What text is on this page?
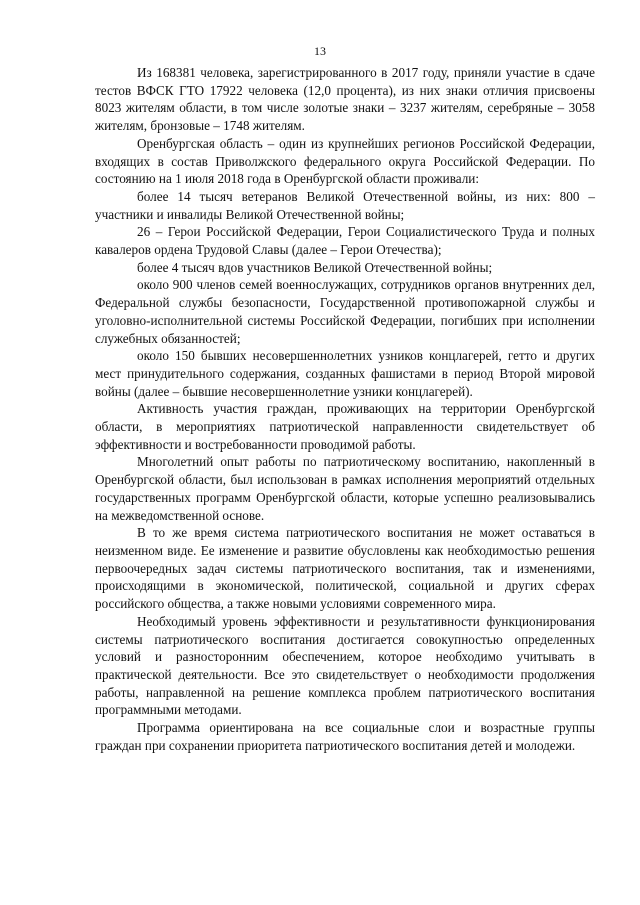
13

Из 168381 человека, зарегистрированного в 2017 году, приняли участие в сдаче тестов ВФСК ГТО 17922 человека (12,0 процента), из них знаки отличия присвоены 8023 жителям области, в том числе золотые знаки – 3237 жителям, серебряные – 3058 жителям, бронзовые – 1748 жителям.

Оренбургская область – один из крупнейших регионов Российской Федерации, входящих в состав Приволжского федерального округа Российской Федерации. По состоянию на 1 июля 2018 года в Оренбургской области проживали:

более 14 тысяч ветеранов Великой Отечественной войны, из них: 800 – участники и инвалиды Великой Отечественной войны;

26 – Герои Российской Федерации, Герои Социалистического Труда и полных кавалеров ордена Трудовой Славы (далее – Герои Отечества);

более 4 тысяч вдов участников Великой Отечественной войны;

около 900 членов семей военнослужащих, сотрудников органов внутренних дел, Федеральной службы безопасности, Государственной противопожарной службы и уголовно-исполнительной системы Российской Федерации, погибших при исполнении служебных обязанностей;

около 150 бывших несовершеннолетних узников концлагерей, гетто и других мест принудительного содержания, созданных фашистами в период Второй мировой войны (далее – бывшие несовершеннолетние узники концлагерей).

Активность участия граждан, проживающих на территории Оренбургской области, в мероприятиях патриотической направленности свидетельствует об эффективности и востребованности проводимой работы.

Многолетний опыт работы по патриотическому воспитанию, накопленный в Оренбургской области, был использован в рамках исполнения мероприятий отдельных государственных программ Оренбургской области, которые успешно реализовывались на межведомственной основе.

В то же время система патриотического воспитания не может оставаться в неизменном виде. Ее изменение и развитие обусловлены как необходимостью решения первоочередных задач системы патриотического воспитания, так и изменениями, происходящими в экономической, политической, социальной и других сферах российского общества, а также новыми условиями современного мира.

Необходимый уровень эффективности и результативности функционирования системы патриотического воспитания достигается совокупностью определенных условий и разносторонним обеспечением, которое необходимо учитывать в практической деятельности. Все это свидетельствует о необходимости продолжения работы, направленной на решение комплекса проблем патриотического воспитания программными методами.

Программа ориентирована на все социальные слои и возрастные группы граждан при сохранении приоритета патриотического воспитания детей и молодежи.
